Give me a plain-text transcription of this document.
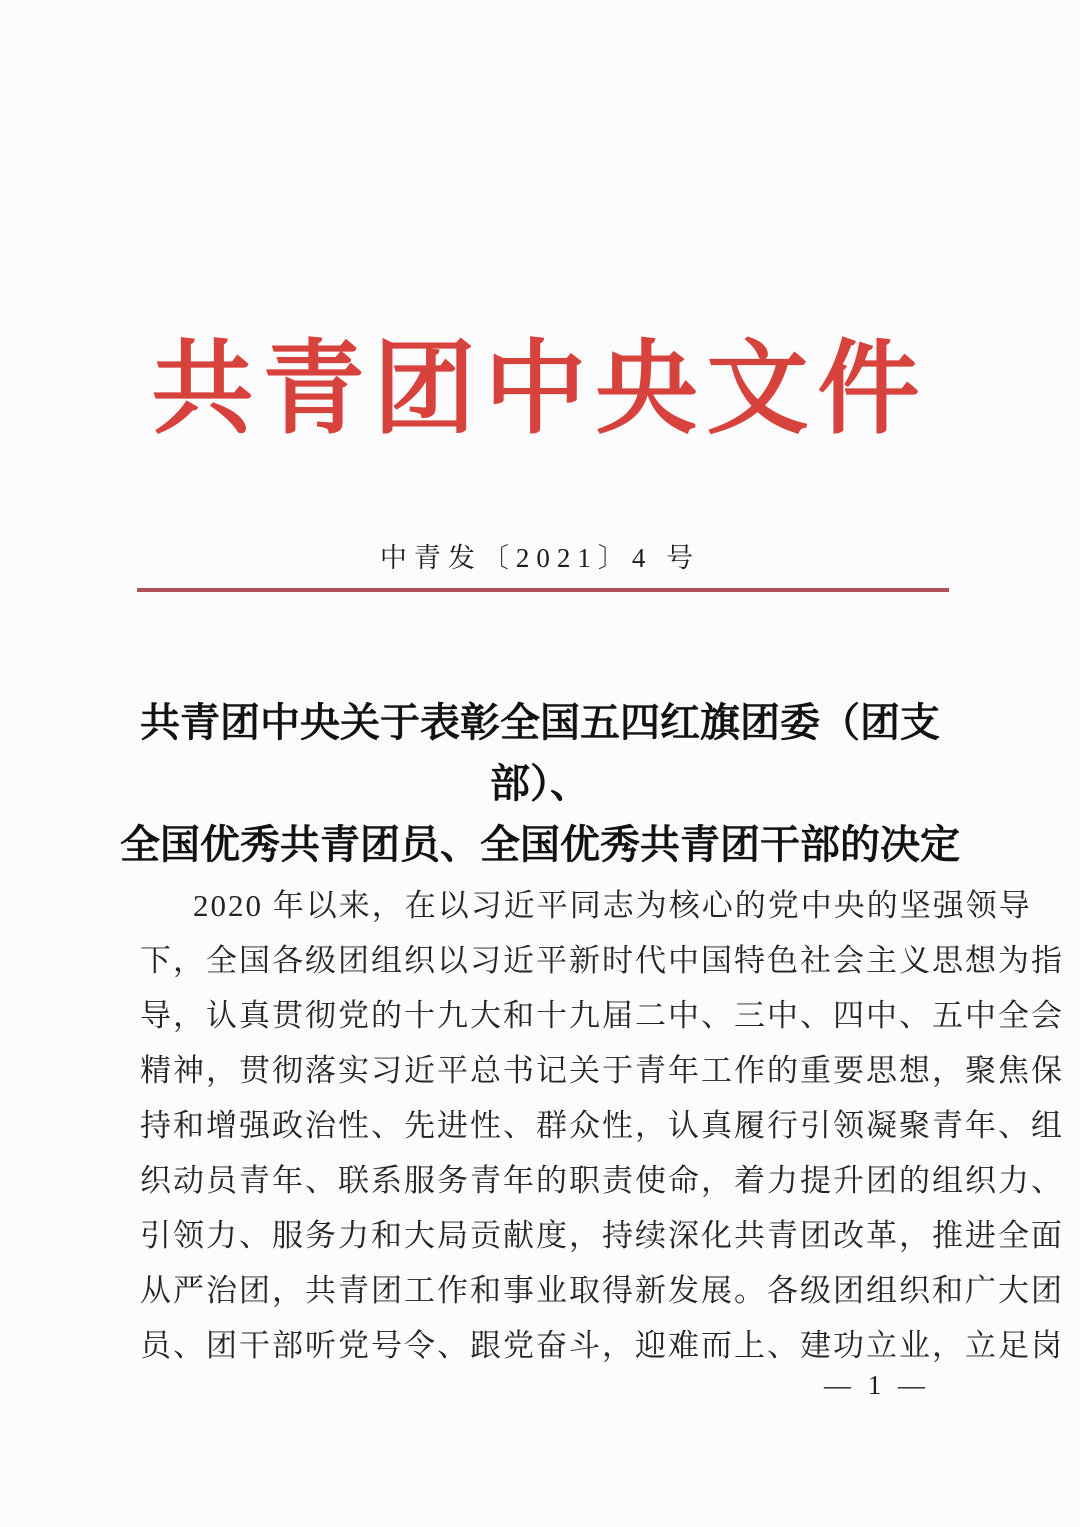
共青团中央文件
中青发〔2021〕4 号
共青团中央关于表彰全国五四红旗团委（团支部）、
全国优秀共青团员、全国优秀共青团干部的决定
2020 年以来，在以习近平同志为核心的党中央的坚强领导
下，全国各级团组织以习近平新时代中国特色社会主义思想为指
导，认真贯彻党的十九大和十九届二中、三中、四中、五中全会
精神，贯彻落实习近平总书记关于青年工作的重要思想，聚焦保
持和增强政治性、先进性、群众性，认真履行引领凝聚青年、组
织动员青年、联系服务青年的职责使命，着力提升团的组织力、
引领力、服务力和大局贡献度，持续深化共青团改革，推进全面
从严治团，共青团工作和事业取得新发展。各级团组织和广大团
员、团干部听党号令、跟党奋斗，迎难而上、建功立业，立足岗
— 1 —
